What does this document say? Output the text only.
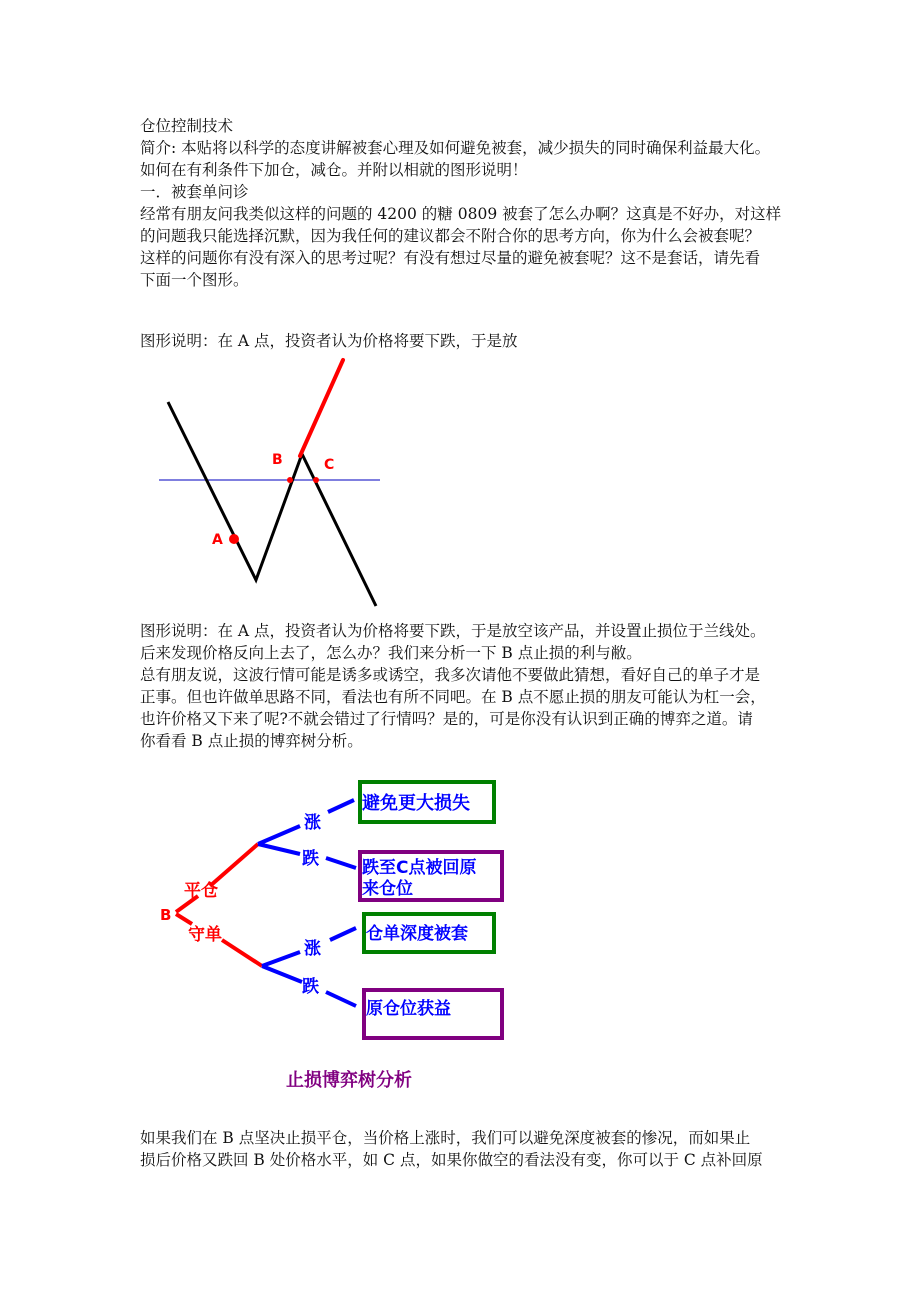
仓位控制技术
简介: 本贴将以科学的态度讲解被套心理及如何避免被套，减少损失的同时确保利益最大化。
如何在有利条件下加仓，减仓。并附以相就的图形说明！
一．被套单问诊
经常有朋友问我类似这样的问题的 4200 的糖 0809 被套了怎么办啊？这真是不好办，对这样
的问题我只能选择沉默，因为我任何的建议都会不附合你的思考方向，你为什么会被套呢？
这样的问题你有没有深入的思考过呢？有没有想过尽量的避免被套呢？这不是套话，请先看
下面一个图形。
图形说明：在 A 点，投资者认为价格将要下跌，于是放
A
B	C
图形说明：在 A 点，投资者认为价格将要下跌，于是放空该产品，并设置止损位于兰线处。
后来发现价格反向上去了，怎么办？我们来分析一下 B 点止损的利与敝。
总有朋友说，这波行情可能是诱多或诱空，我多次请他不要做此猜想，看好自己的单子才是
正事。但也许做单思路不同，看法也有所不同吧。在 B 点不愿止损的朋友可能认为杠一会，
也许价格又下来了呢?不就会错过了行情吗？是的，可是你没有认识到正确的博弈之道。请
你看看 B 点止损的博弈树分析。
B
平仓
守单
涨
跌
涨
跌
避免更大损失
跌至C点被回原
来仓位
仓单深度被套
原仓位获益
止损博弈树分析
如果我们在 B 点坚决止损平仓，当价格上涨时，我们可以避免深度被套的惨况，而如果止
损后价格又跌回 B 处价格水平，如 C 点，如果你做空的看法没有变，你可以于 C 点补回原
